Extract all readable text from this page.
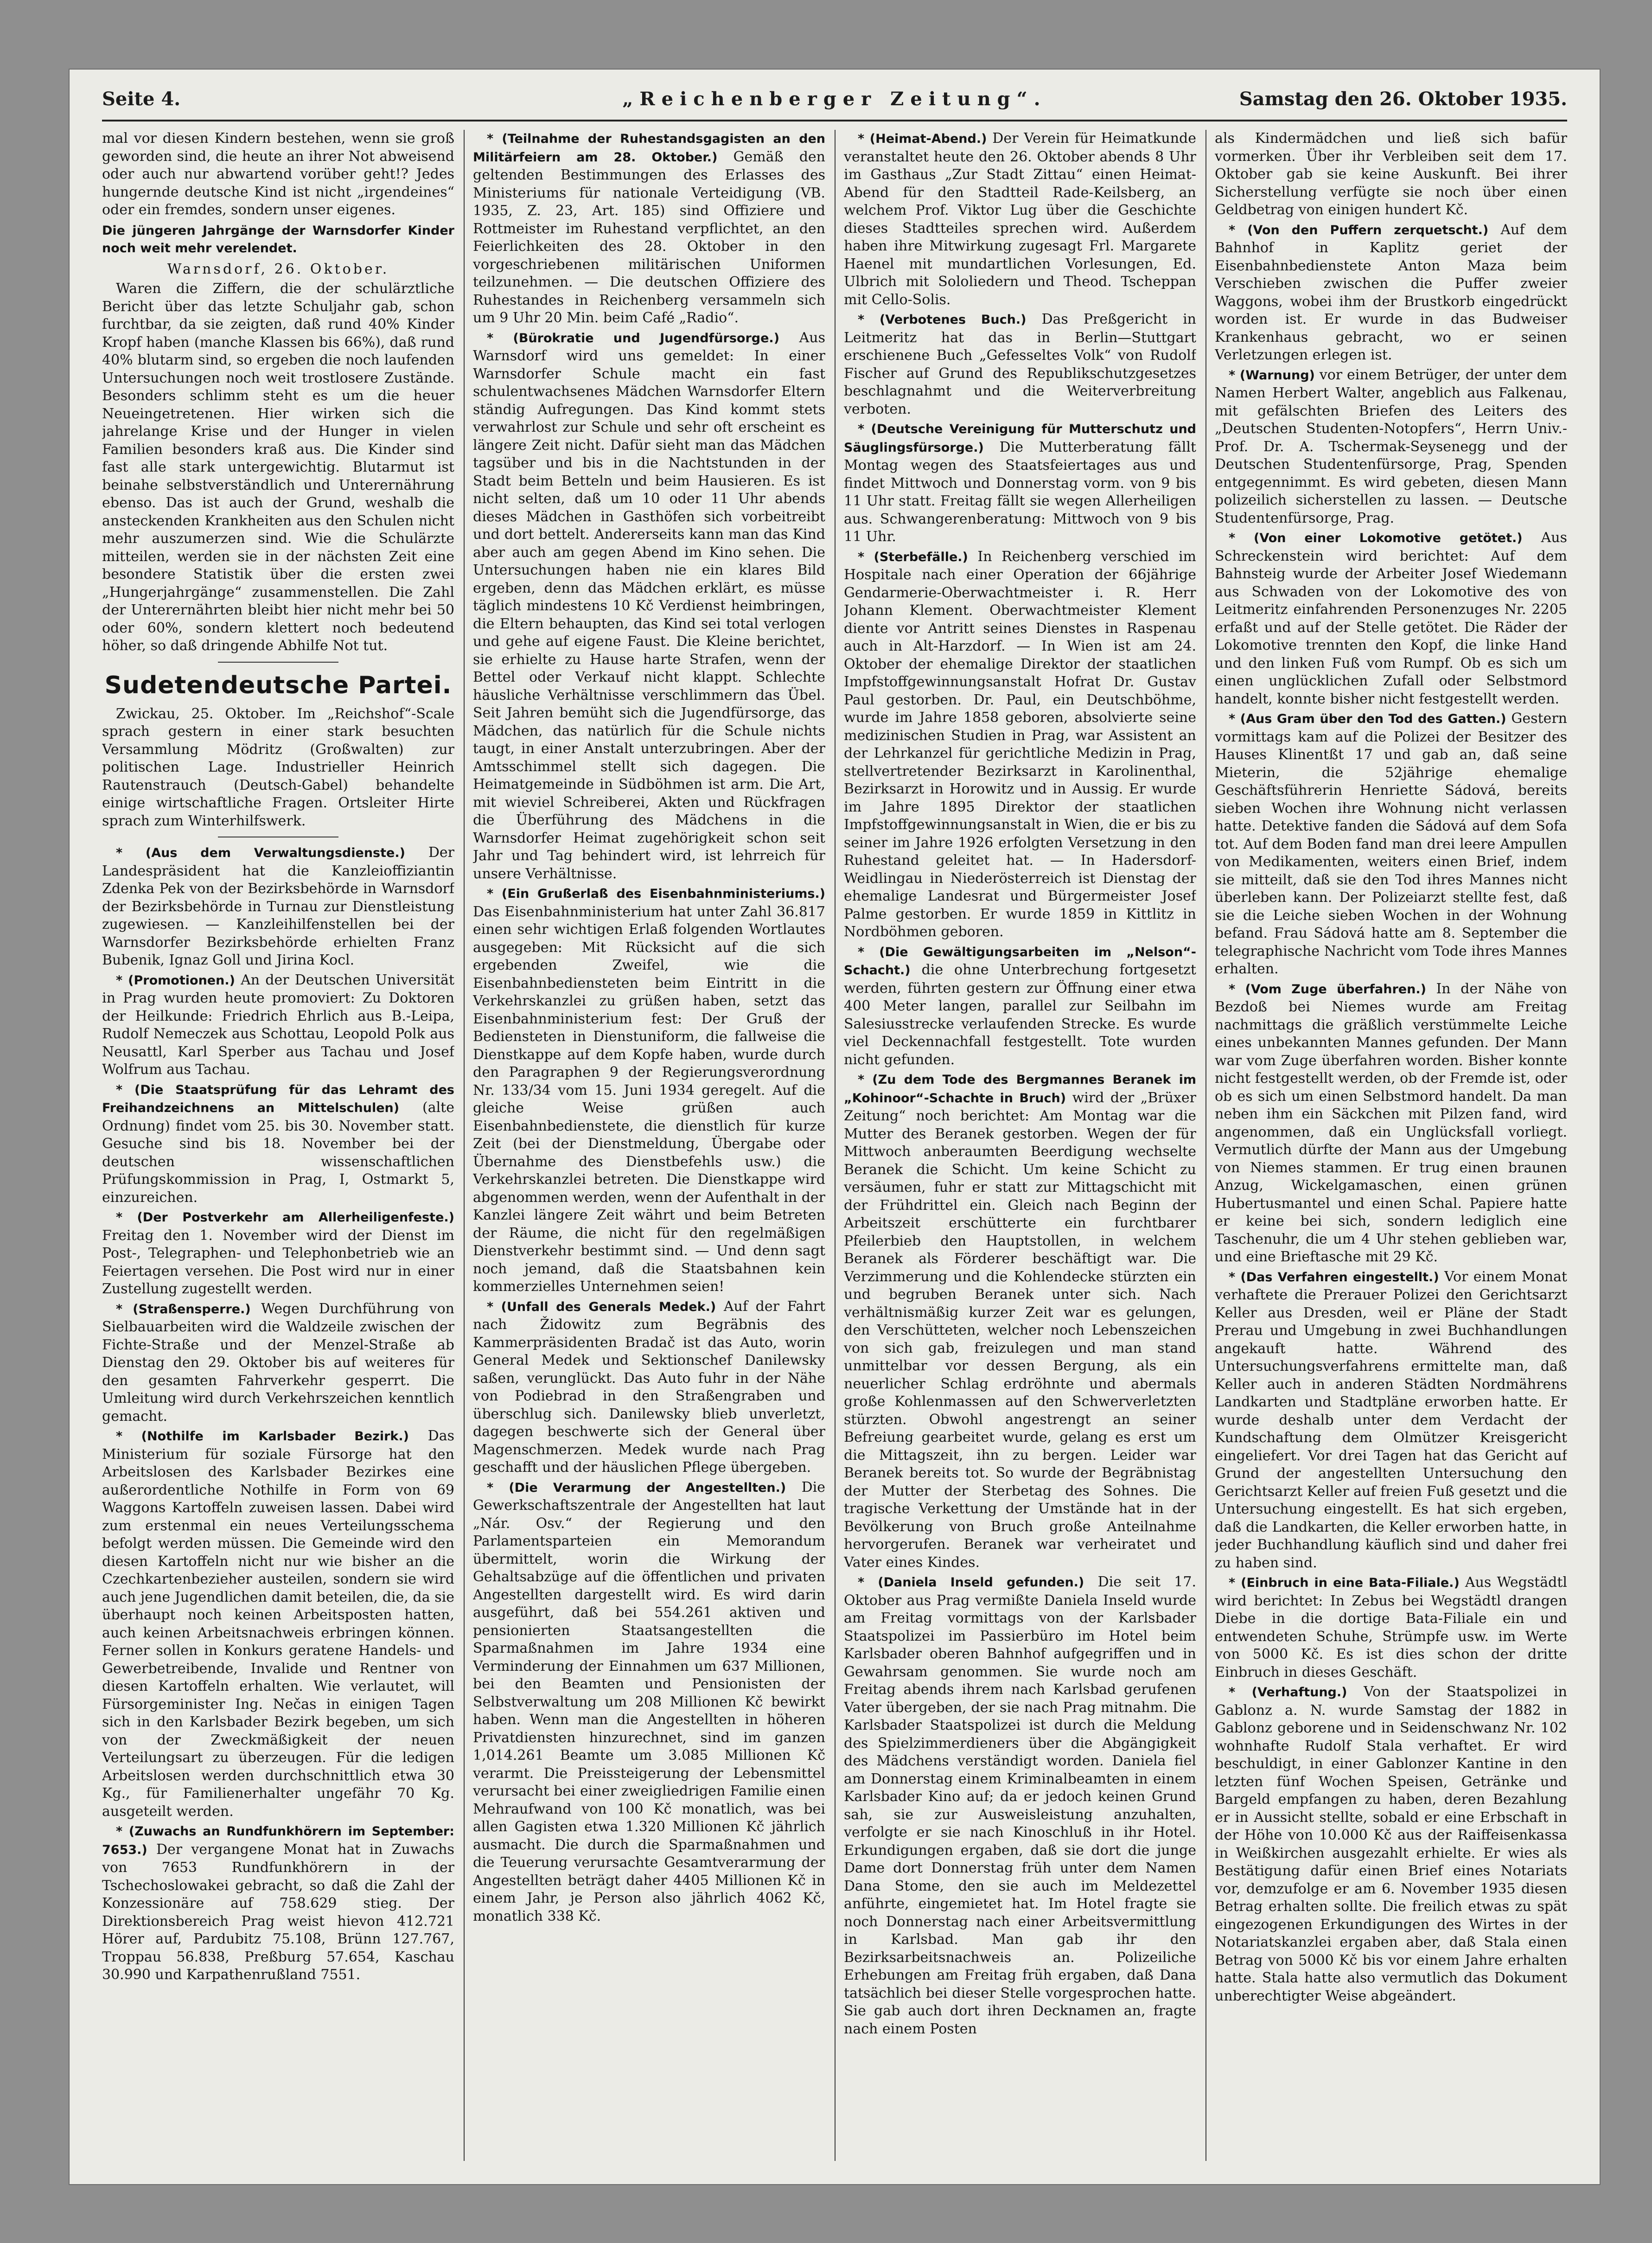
Seite 4.	„Reichenberger Zeitung“.	Samstag den 26. Oktober 1935.

mal vor diesen Kindern bestehen, wenn sie groß geworden sind, die heute an ihrer Not abweisend oder auch nur abwartend vorüber geht!? Jedes hungernde deutsche Kind ist nicht „irgendeines“ oder ein fremdes, sondern unser eigenes.

Die jüngeren Jahrgänge der Warnsdorfer Kinder noch weit mehr verelendet.

Warnsdorf, 26. Oktober.

Waren die Ziffern, die der schulärztliche Bericht über das letzte Schuljahr gab, schon furchtbar, da sie zeigten, daß rund 40% Kinder Kropf haben (manche Klassen bis 66%), daß rund 40% blutarm sind, so ergeben die noch laufenden Untersuchungen noch weit trostlosere Zustände. Besonders schlimm steht es um die heuer Neueingetretenen. Hier wirken sich die jahrelange Krise und der Hunger in vielen Familien besonders kraß aus. Die Kinder sind fast alle stark untergewichtig. Blutarmut ist beinahe selbstverständlich und Unterernährung ebenso. Das ist auch der Grund, weshalb die ansteckenden Krankheiten aus den Schulen nicht mehr auszumerzen sind. Wie die Schulärzte mitteilen, werden sie in der nächsten Zeit eine besondere Statistik über die ersten zwei „Hungerjahrgänge“ zusammenstellen. Die Zahl der Unterernährten bleibt hier nicht mehr bei 50 oder 60%, sondern klettert noch bedeutend höher, so daß dringende Abhilfe Not tut.

Sudetendeutsche Partei.

Zwickau, 25. Oktober. Im „Reichshof“-Scale sprach gestern in einer stark besuchten Versammlung Mödritz (Großwalten) zur politischen Lage. Industrieller Heinrich Rautenstrauch (Deutsch-Gabel) behandelte einige wirtschaftliche Fragen. Ortsleiter Hirte sprach zum Winterhilfswerk.

* (Aus dem Verwaltungsdienste.) Der Landespräsident hat die Kanzleioffiziantin Zdenka Pek von der Bezirksbehörde in Warnsdorf der Bezirksbehörde in Turnau zur Dienstleistung zugewiesen. — Kanzleihilfenstellen bei der Warnsdorfer Bezirksbehörde erhielten Franz Bubenik, Ignaz Goll und Jirina Kocl.

* (Promotionen.) An der Deutschen Universität in Prag wurden heute promoviert: Zu Doktoren der Heilkunde: Friedrich Ehrlich aus B.-Leipa, Rudolf Nemeczek aus Schottau, Leopold Polk aus Neusattl, Karl Sperber aus Tachau und Josef Wolfrum aus Tachau.

* (Die Staatsprüfung für das Lehramt des Freihandzeichnens an Mittelschulen) (alte Ordnung) findet vom 25. bis 30. November statt. Gesuche sind bis 18. November bei der deutschen wissenschaftlichen Prüfungskommission in Prag, I, Ostmarkt 5, einzureichen.

* (Der Postverkehr am Allerheiligenfeste.) Freitag den 1. November wird der Dienst im Post-, Telegraphen- und Telephonbetrieb wie an Feiertagen versehen. Die Post wird nur in einer Zustellung zugestellt werden.

* (Straßensperre.) Wegen Durchführung von Sielbauarbeiten wird die Waldzeile zwischen der Fichte-Straße und der Menzel-Straße ab Dienstag den 29. Oktober bis auf weiteres für den gesamten Fahrverkehr gesperrt. Die Umleitung wird durch Verkehrszeichen kenntlich gemacht.

* (Nothilfe im Karlsbader Bezirk.) Das Ministerium für soziale Fürsorge hat den Arbeitslosen des Karlsbader Bezirkes eine außerordentliche Nothilfe in Form von 69 Waggons Kartoffeln zuweisen lassen. Dabei wird zum erstenmal ein neues Verteilungsschema befolgt werden müssen. Die Gemeinde wird den diesen Kartoffeln nicht nur wie bisher an die Czechkartenbezieher austeilen, sondern sie wird auch jene Jugendlichen damit beteilen, die, da sie überhaupt noch keinen Arbeitsposten hatten, auch keinen Arbeitsnachweis erbringen können. Ferner sollen in Konkurs geratene Handels- und Gewerbetreibende, Invalide und Rentner von diesen Kartoffeln erhalten. Wie verlautet, will Fürsorgeminister Ing. Nečas in einigen Tagen sich in den Karlsbader Bezirk begeben, um sich von der Zweckmäßigkeit der neuen Verteilungsart zu überzeugen. Für die ledigen Arbeitslosen werden durchschnittlich etwa 30 Kg., für Familienerhalter ungefähr 70 Kg. ausgeteilt werden.

* (Zuwachs an Rundfunkhörern im September: 7653.) Der vergangene Monat hat in Zuwachs von 7653 Rundfunkhörern in der Tschechoslowakei gebracht, so daß die Zahl der Konzessionäre auf 758.629 stieg. Der Direktionsbereich Prag weist hievon 412.721 Hörer auf, Pardubitz 75.108, Brünn 127.767, Troppau 56.838, Preßburg 57.654, Kaschau 30.990 und Karpathenrußland 7551.

* (Teilnahme der Ruhestandsgagisten an den Militärfeiern am 28. Oktober.) Gemäß den geltenden Bestimmungen des Erlasses des Ministeriums für nationale Verteidigung (VB. 1935, Z. 23, Art. 185) sind Offiziere und Rottmeister im Ruhestand verpflichtet, an den Feierlichkeiten des 28. Oktober in den vorgeschriebenen militärischen Uniformen teilzunehmen. — Die deutschen Offiziere des Ruhestandes in Reichenberg versammeln sich um 9 Uhr 20 Min. beim Café „Radio“.

* (Bürokratie und Jugendfürsorge.) Aus Warnsdorf wird uns gemeldet: In einer Warnsdorfer Schule macht ein fast schulentwachsenes Mädchen Warnsdorfer Eltern ständig Aufregungen. Das Kind kommt stets verwahrlost zur Schule und sehr oft erscheint es längere Zeit nicht. Dafür sieht man das Mädchen tagsüber und bis in die Nachtstunden in der Stadt beim Betteln und beim Hausieren. Es ist nicht selten, daß um 10 oder 11 Uhr abends dieses Mädchen in Gasthöfen sich vorbeitreibt und dort bettelt. Andererseits kann man das Kind aber auch am gegen Abend im Kino sehen. Die Untersuchungen haben nie ein klares Bild ergeben, denn das Mädchen erklärt, es müsse täglich mindestens 10 Kč Verdienst heimbringen, die Eltern behaupten, das Kind sei total verlogen und gehe auf eigene Faust. Die Kleine berichtet, sie erhielte zu Hause harte Strafen, wenn der Bettel oder Verkauf nicht klappt. Schlechte häusliche Verhältnisse verschlimmern das Übel. Seit Jahren bemüht sich die Jugendfürsorge, das Mädchen, das natürlich für die Schule nichts taugt, in einer Anstalt unterzubringen. Aber der Amtsschimmel stellt sich dagegen. Die Heimatgemeinde in Südböhmen ist arm. Die Art, mit wieviel Schreiberei, Akten und Rückfragen die Überführung des Mädchens in die Warnsdorfer Heimat zugehörigkeit schon seit Jahr und Tag behindert wird, ist lehrreich für unsere Verhältnisse.

* (Ein Grußerlaß des Eisenbahnministeriums.) Das Eisenbahnministerium hat unter Zahl 36.817 einen sehr wichtigen Erlaß folgenden Wortlautes ausgegeben: Mit Rücksicht auf die sich ergebenden Zweifel, wie die Eisenbahnbediensteten beim Eintritt in die Verkehrskanzlei zu grüßen haben, setzt das Eisenbahnministerium fest: Der Gruß der Bediensteten in Dienstuniform, die fallweise die Dienstkappe auf dem Kopfe haben, wurde durch den Paragraphen 9 der Regierungsverordnung Nr. 133/34 vom 15. Juni 1934 geregelt. Auf die gleiche Weise grüßen auch Eisenbahnbedienstete, die dienstlich für kurze Zeit (bei der Dienstmeldung, Übergabe oder Übernahme des Dienstbefehls usw.) die Verkehrskanzlei betreten. Die Dienstkappe wird abgenommen werden, wenn der Aufenthalt in der Kanzlei längere Zeit währt und beim Betreten der Räume, die nicht für den regelmäßigen Dienstverkehr bestimmt sind. — Und denn sagt noch jemand, daß die Staatsbahnen kein kommerzielles Unternehmen seien!

* (Unfall des Generals Medek.) Auf der Fahrt nach Židowitz zum Begräbnis des Kammerpräsidenten Bradač ist das Auto, worin General Medek und Sektionschef Danilewsky saßen, verunglückt. Das Auto fuhr in der Nähe von Podiebrad in den Straßengraben und überschlug sich. Danilewsky blieb unverletzt, dagegen beschwerte sich der General über Magenschmerzen. Medek wurde nach Prag geschafft und der häuslichen Pflege übergeben.

* (Die Verarmung der Angestellten.) Die Gewerkschaftszentrale der Angestellten hat laut „Nár. Osv.“ der Regierung und den Parlamentsparteien ein Memorandum übermittelt, worin die Wirkung der Gehaltsabzüge auf die öffentlichen und privaten Angestellten dargestellt wird. Es wird darin ausgeführt, daß bei 554.261 aktiven und pensionierten Staatsangestellten die Sparmaßnahmen im Jahre 1934 eine Verminderung der Einnahmen um 637 Millionen, bei den Beamten und Pensionisten der Selbstverwaltung um 208 Millionen Kč bewirkt haben. Wenn man die Angestellten in höheren Privatdiensten hinzurechnet, sind im ganzen 1,014.261 Beamte um 3.085 Millionen Kč verarmt. Die Preissteigerung der Lebensmittel verursacht bei einer zweigliedrigen Familie einen Mehraufwand von 100 Kč monatlich, was bei allen Gagisten etwa 1.320 Millionen Kč jährlich ausmacht. Die durch die Sparmaßnahmen und die Teuerung verursachte Gesamtverarmung der Angestellten beträgt daher 4405 Millionen Kč in einem Jahr, je Person also jährlich 4062 Kč, monatlich 338 Kč.

* (Heimat-Abend.) Der Verein für Heimatkunde veranstaltet heute den 26. Oktober abends 8 Uhr im Gasthaus „Zur Stadt Zittau“ einen Heimat-Abend für den Stadtteil Rade-Keilsberg, an welchem Prof. Viktor Lug über die Geschichte dieses Stadtteiles sprechen wird. Außerdem haben ihre Mitwirkung zugesagt Frl. Margarete Haenel mit mundartlichen Vorlesungen, Ed. Ulbrich mit Sololiedern und Theod. Tscheppan mit Cello-Solis.

* (Verbotenes Buch.) Das Preßgericht in Leitmeritz hat das in Berlin—Stuttgart erschienene Buch „Gefesseltes Volk“ von Rudolf Fischer auf Grund des Republikschutzgesetzes beschlagnahmt und die Weiterverbreitung verboten.

* (Deutsche Vereinigung für Mutterschutz und Säuglingsfürsorge.) Die Mutterberatung fällt Montag wegen des Staatsfeiertages aus und findet Mittwoch und Donnerstag vorm. von 9 bis 11 Uhr statt. Freitag fällt sie wegen Allerheiligen aus. Schwangerenberatung: Mittwoch von 9 bis 11 Uhr.

* (Sterbefälle.) In Reichenberg verschied im Hospitale nach einer Operation der 66jährige Gendarmerie-Oberwachtmeister i. R. Herr Johann Klement. Oberwachtmeister Klement diente vor Antritt seines Dienstes in Raspenau auch in Alt-Harzdorf. — In Wien ist am 24. Oktober der ehemalige Direktor der staatlichen Impfstoffgewinnungsanstalt Hofrat Dr. Gustav Paul gestorben. Dr. Paul, ein Deutschböhme, wurde im Jahre 1858 geboren, absolvierte seine medizinischen Studien in Prag, war Assistent an der Lehrkanzel für gerichtliche Medizin in Prag, stellvertretender Bezirksarzt in Karolinenthal, Bezirksarzt in Horowitz und in Aussig. Er wurde im Jahre 1895 Direktor der staatlichen Impfstoffgewinnungsanstalt in Wien, die er bis zu seiner im Jahre 1926 erfolgten Versetzung in den Ruhestand geleitet hat. — In Hadersdorf-Weidlingau in Niederösterreich ist Dienstag der ehemalige Landesrat und Bürgermeister Josef Palme gestorben. Er wurde 1859 in Kittlitz in Nordböhmen geboren.

* (Die Gewältigungsarbeiten im „Nelson“-Schacht.) die ohne Unterbrechung fortgesetzt werden, führten gestern zur Öffnung einer etwa 400 Meter langen, parallel zur Seilbahn im Salesiusstrecke verlaufenden Strecke. Es wurde viel Deckennachfall festgestellt. Tote wurden nicht gefunden.

* (Zu dem Tode des Bergmannes Beranek im „Kohinoor“-Schachte in Bruch) wird der „Brüxer Zeitung“ noch berichtet: Am Montag war die Mutter des Beranek gestorben. Wegen der für Mittwoch anberaumten Beerdigung wechselte Beranek die Schicht. Um keine Schicht zu versäumen, fuhr er statt zur Mittagschicht mit der Frühdrittel ein. Gleich nach Beginn der Arbeitszeit erschütterte ein furchtbarer Pfeilerbieb den Hauptstollen, in welchem Beranek als Förderer beschäftigt war. Die Verzimmerung und die Kohlendecke stürzten ein und begruben Beranek unter sich. Nach verhältnismäßig kurzer Zeit war es gelungen, den Verschütteten, welcher noch Lebenszeichen von sich gab, freizulegen und man stand unmittelbar vor dessen Bergung, als ein neuerlicher Schlag erdröhnte und abermals große Kohlenmassen auf den Schwerverletzten stürzten. Obwohl angestrengt an seiner Befreiung gearbeitet wurde, gelang es erst um die Mittagszeit, ihn zu bergen. Leider war Beranek bereits tot. So wurde der Begräbnistag der Mutter der Sterbetag des Sohnes. Die tragische Verkettung der Umstände hat in der Bevölkerung von Bruch große Anteilnahme hervorgerufen. Beranek war verheiratet und Vater eines Kindes.

* (Daniela Inseld gefunden.) Die seit 17. Oktober aus Prag vermißte Daniela Inseld wurde am Freitag vormittags von der Karlsbader Staatspolizei im Passierbüro im Hotel beim Karlsbader oberen Bahnhof aufgegriffen und in Gewahrsam genommen. Sie wurde noch am Freitag abends ihrem nach Karlsbad gerufenen Vater übergeben, der sie nach Prag mitnahm. Die Karlsbader Staatspolizei ist durch die Meldung des Spielzimmerdieners über die Abgängigkeit des Mädchens verständigt worden. Daniela fiel am Donnerstag einem Kriminalbeamten in einem Karlsbader Kino auf; da er jedoch keinen Grund sah, sie zur Ausweisleistung anzuhalten, verfolgte er sie nach Kinoschluß in ihr Hotel. Erkundigungen ergaben, daß sie dort die junge Dame dort Donnerstag früh unter dem Namen Dana Stome, den sie auch im Meldezettel anführte, eingemietet hat. Im Hotel fragte sie noch Donnerstag nach einer Arbeitsvermittlung in Karlsbad. Man gab ihr den Bezirksarbeitsnachweis an. Polizeiliche Erhebungen am Freitag früh ergaben, daß Dana tatsächlich bei dieser Stelle vorgesprochen hatte. Sie gab auch dort ihren Decknamen an, fragte nach einem Posten

als Kindermädchen und ließ sich bafür vormerken. Über ihr Verbleiben seit dem 17. Oktober gab sie keine Auskunft. Bei ihrer Sicherstellung verfügte sie noch über einen Geldbetrag von einigen hundert Kč.

* (Von den Puffern zerquetscht.) Auf dem Bahnhof in Kaplitz geriet der Eisenbahnbedienstete Anton Maza beim Verschieben zwischen die Puffer zweier Waggons, wobei ihm der Brustkorb eingedrückt worden ist. Er wurde in das Budweiser Krankenhaus gebracht, wo er seinen Verletzungen erlegen ist.

* (Warnung) vor einem Betrüger, der unter dem Namen Herbert Walter, angeblich aus Falkenau, mit gefälschten Briefen des Leiters des „Deutschen Studenten-Notopfers“, Herrn Univ.-Prof. Dr. A. Tschermak-Seysenegg und der Deutschen Studentenfürsorge, Prag, Spenden entgegennimmt. Es wird gebeten, diesen Mann polizeilich sicherstellen zu lassen. — Deutsche Studentenfürsorge, Prag.

* (Von einer Lokomotive getötet.) Aus Schreckenstein wird berichtet: Auf dem Bahnsteig wurde der Arbeiter Josef Wiedemann aus Schwaden von der Lokomotive des von Leitmeritz einfahrenden Personenzuges Nr. 2205 erfaßt und auf der Stelle getötet. Die Räder der Lokomotive trennten den Kopf, die linke Hand und den linken Fuß vom Rumpf. Ob es sich um einen unglücklichen Zufall oder Selbstmord handelt, konnte bisher nicht festgestellt werden.

* (Aus Gram über den Tod des Gatten.) Gestern vormittags kam auf die Polizei der Besitzer des Hauses Klinentßt 17 und gab an, daß seine Mieterin, die 52jährige ehemalige Geschäftsführerin Henriette Sádová, bereits sieben Wochen ihre Wohnung nicht verlassen hatte. Detektive fanden die Sádová auf dem Sofa tot. Auf dem Boden fand man drei leere Ampullen von Medikamenten, weiters einen Brief, indem sie mitteilt, daß sie den Tod ihres Mannes nicht überleben kann. Der Polizeiarzt stellte fest, daß sie die Leiche sieben Wochen in der Wohnung befand. Frau Sádová hatte am 8. September die telegraphische Nachricht vom Tode ihres Mannes erhalten.

* (Vom Zuge überfahren.) In der Nähe von Bezdoß bei Niemes wurde am Freitag nachmittags die gräßlich verstümmelte Leiche eines unbekannten Mannes gefunden. Der Mann war vom Zuge überfahren worden. Bisher konnte nicht festgestellt werden, ob der Fremde ist, oder ob es sich um einen Selbstmord handelt. Da man neben ihm ein Säckchen mit Pilzen fand, wird angenommen, daß ein Unglücksfall vorliegt. Vermutlich dürfte der Mann aus der Umgebung von Niemes stammen. Er trug einen braunen Anzug, Wickelgamaschen, einen grünen Hubertusmantel und einen Schal. Papiere hatte er keine bei sich, sondern lediglich eine Taschenuhr, die um 4 Uhr stehen geblieben war, und eine Brieftasche mit 29 Kč.

* (Das Verfahren eingestellt.) Vor einem Monat verhaftete die Prerauer Polizei den Gerichtsarzt Keller aus Dresden, weil er Pläne der Stadt Prerau und Umgebung in zwei Buchhandlungen angekauft hatte. Während des Untersuchungsverfahrens ermittelte man, daß Keller auch in anderen Städten Nordmährens Landkarten und Stadtpläne erworben hatte. Er wurde deshalb unter dem Verdacht der Kundschaftung dem Olmützer Kreisgericht eingeliefert. Vor drei Tagen hat das Gericht auf Grund der angestellten Untersuchung den Gerichtsarzt Keller auf freien Fuß gesetzt und die Untersuchung eingestellt. Es hat sich ergeben, daß die Landkarten, die Keller erworben hatte, in jeder Buchhandlung käuflich sind und daher frei zu haben sind.

* (Einbruch in eine Bata-Filiale.) Aus Wegstädtl wird berichtet: In Zebus bei Wegstädtl drangen Diebe in die dortige Bata-Filiale ein und entwendeten Schuhe, Strümpfe usw. im Werte von 5000 Kč. Es ist dies schon der dritte Einbruch in dieses Geschäft.

* (Verhaftung.) Von der Staatspolizei in Gablonz a. N. wurde Samstag der 1882 in Gablonz geborene und in Seidenschwanz Nr. 102 wohnhafte Rudolf Stala verhaftet. Er wird beschuldigt, in einer Gablonzer Kantine in den letzten fünf Wochen Speisen, Getränke und Bargeld empfangen zu haben, deren Bezahlung er in Aussicht stellte, sobald er eine Erbschaft in der Höhe von 10.000 Kč aus der Raiffeisenkassa in Weißkirchen ausgezahlt erhielte. Er wies als Bestätigung dafür einen Brief eines Notariats vor, demzufolge er am 6. November 1935 diesen Betrag erhalten sollte. Die freilich etwas zu spät eingezogenen Erkundigungen des Wirtes in der Notariatskanzlei ergaben aber, daß Stala einen Betrag von 5000 Kč bis vor einem Jahre erhalten hatte. Stala hatte also vermutlich das Dokument unberechtigter Weise abgeändert.
